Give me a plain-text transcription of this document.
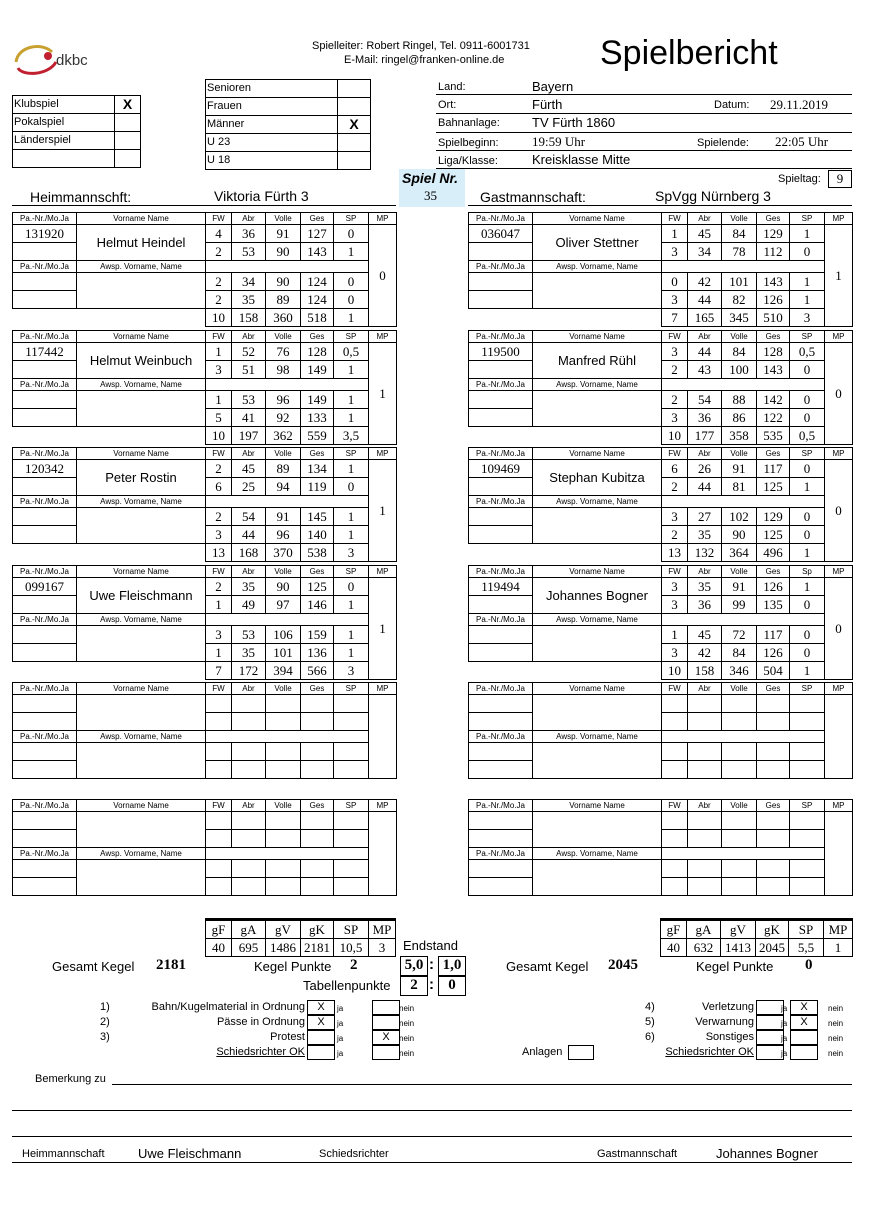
dkbc
Spielleiter: Robert Ringel, Tel. 0911-6001731
E-Mail: ringel@franken-online.de	Spielbericht
Klubspiel	X
Pokalspiel	
Länderspiel	

Senioren	
Frauen	
Männer	X
U 23	
U 18	
Land:	Bayern
Ort:	Fürth	Datum: 29.11.2019
Bahnanlage: TV Fürth 1860
Spielbeginn:	19:59 Uhr	Spielende: 22:05 Uhr
Liga/Klasse:	Kreisklasse Mitte
Spieltag:	9
Spiel Nr.
35
Heimmannschft:	Viktoria Fürth 3	Gastmannschaft:	SpVgg Nürnberg 3
Pa.-Nr./Mo.Ja	Vorname Name	FW	Abr	Volle	Ges	SP	MP
131920	Helmut Heindel	4	36	91	127	0	0
		2	53	90	143	1	
Pa.-Nr./Mo.Ja	Awsp. Vorname, Name						
		2	34	90	124	0	
		2	35	89	124	0	
		10	158	360	518	1	
Pa.-Nr./Mo.Ja	Vorname Name	FW	Abr	Volle	Ges	SP	MP
036047	Oliver Stettner	1	45	84	129	1	1
		3	34	78	112	0	
Pa.-Nr./Mo.Ja	Awsp. Vorname, Name						
		0	42	101	143	1	
		3	44	82	126	1	
		7	165	345	510	3	
Pa.-Nr./Mo.Ja	Vorname Name	FW	Abr	Volle	Ges	SP	MP
117442	Helmut Weinbuch	1	52	76	128	0,5	1
		3	51	98	149	1	
Pa.-Nr./Mo.Ja	Awsp. Vorname, Name						
		1	53	96	149	1	
		5	41	92	133	1	
		10	197	362	559	3,5	
Pa.-Nr./Mo.Ja	Vorname Name	FW	Abr	Volle	Ges	SP	MP
119500	Manfred Rühl	3	44	84	128	0,5	0
		2	43	100	143	0	
Pa.-Nr./Mo.Ja	Awsp. Vorname, Name						
		2	54	88	142	0	
		3	36	86	122	0	
		10	177	358	535	0,5	
Pa.-Nr./Mo.Ja	Vorname Name	FW	Abr	Volle	Ges	SP	MP
120342	Peter Rostin	2	45	89	134	1	1
		6	25	94	119	0	
Pa.-Nr./Mo.Ja	Awsp. Vorname, Name						
		2	54	91	145	1	
		3	44	96	140	1	
		13	168	370	538	3	
Pa.-Nr./Mo.Ja	Vorname Name	FW	Abr	Volle	Ges	SP	MP
109469	Stephan Kubitza	6	26	91	117	0	0
		2	44	81	125	1	
Pa.-Nr./Mo.Ja	Awsp. Vorname, Name						
		3	27	102	129	0	
		2	35	90	125	0	
		13	132	364	496	1	
Pa.-Nr./Mo.Ja	Vorname Name	FW	Abr	Volle	Ges	SP	MP
099167	Uwe Fleischmann	2	35	90	125	0	1
		1	49	97	146	1	
Pa.-Nr./Mo.Ja	Awsp. Vorname, Name						
		3	53	106	159	1	
		1	35	101	136	1	
		7	172	394	566	3	
Pa.-Nr./Mo.Ja	Vorname Name	FW	Abr	Volle	Ges	Sp	MP
119494	Johannes Bogner	3	35	91	126	1	0
		3	36	99	135	0	
Pa.-Nr./Mo.Ja	Awsp. Vorname, Name						
		1	45	72	117	0	
		3	42	84	126	0	
		10	158	346	504	1	
Pa.-Nr./Mo.Ja	Vorname Name	FW	Abr	Volle	Ges	SP	MP

Pa.-Nr./Mo.Ja	Awsp. Vorname, Name						

Pa.-Nr./Mo.Ja	Vorname Name	FW	Abr	Volle	Ges	SP	MP

Pa.-Nr./Mo.Ja	Awsp. Vorname, Name						

Pa.-Nr./Mo.Ja	Vorname Name	FW	Abr	Volle	Ges	SP	MP

Pa.-Nr./Mo.Ja	Awsp. Vorname, Name						

Pa.-Nr./Mo.Ja	Vorname Name	FW	Abr	Volle	Ges	SP	MP

Pa.-Nr./Mo.Ja	Awsp. Vorname, Name						

gF	gA	gV	gK	SP	MP
40	695	1486	2181	10,5	3
gF	gA	gV	gK	SP	MP
40	632	1413	2045	5,5	1
Endstand
Gesamt Kegel 2181	Kegel Punkte 2	5,0 : 1,0
Tabellenpunkte	2 : 0
Gesamt Kegel 2045	Kegel Punkte 0
1)	Bahn/Kugelmaterial in Ordnung	X	ja	nein	4)	Verletzung	ja	X	nein
2)	Pässe in Ordnung	X	ja	nein	5)	Verwarnung	ja	X	nein
3)	Protest	ja	X	nein	6)	Sonstiges	ja	nein
Schiedsrichter OK	ja	nein	Schiedsrichter OK	ja	nein
Anlagen
Bemerkung zu
Heimmannschaft	Uwe Fleischmann	Schiedsrichter	Gastmannschaft	Johannes Bogner
